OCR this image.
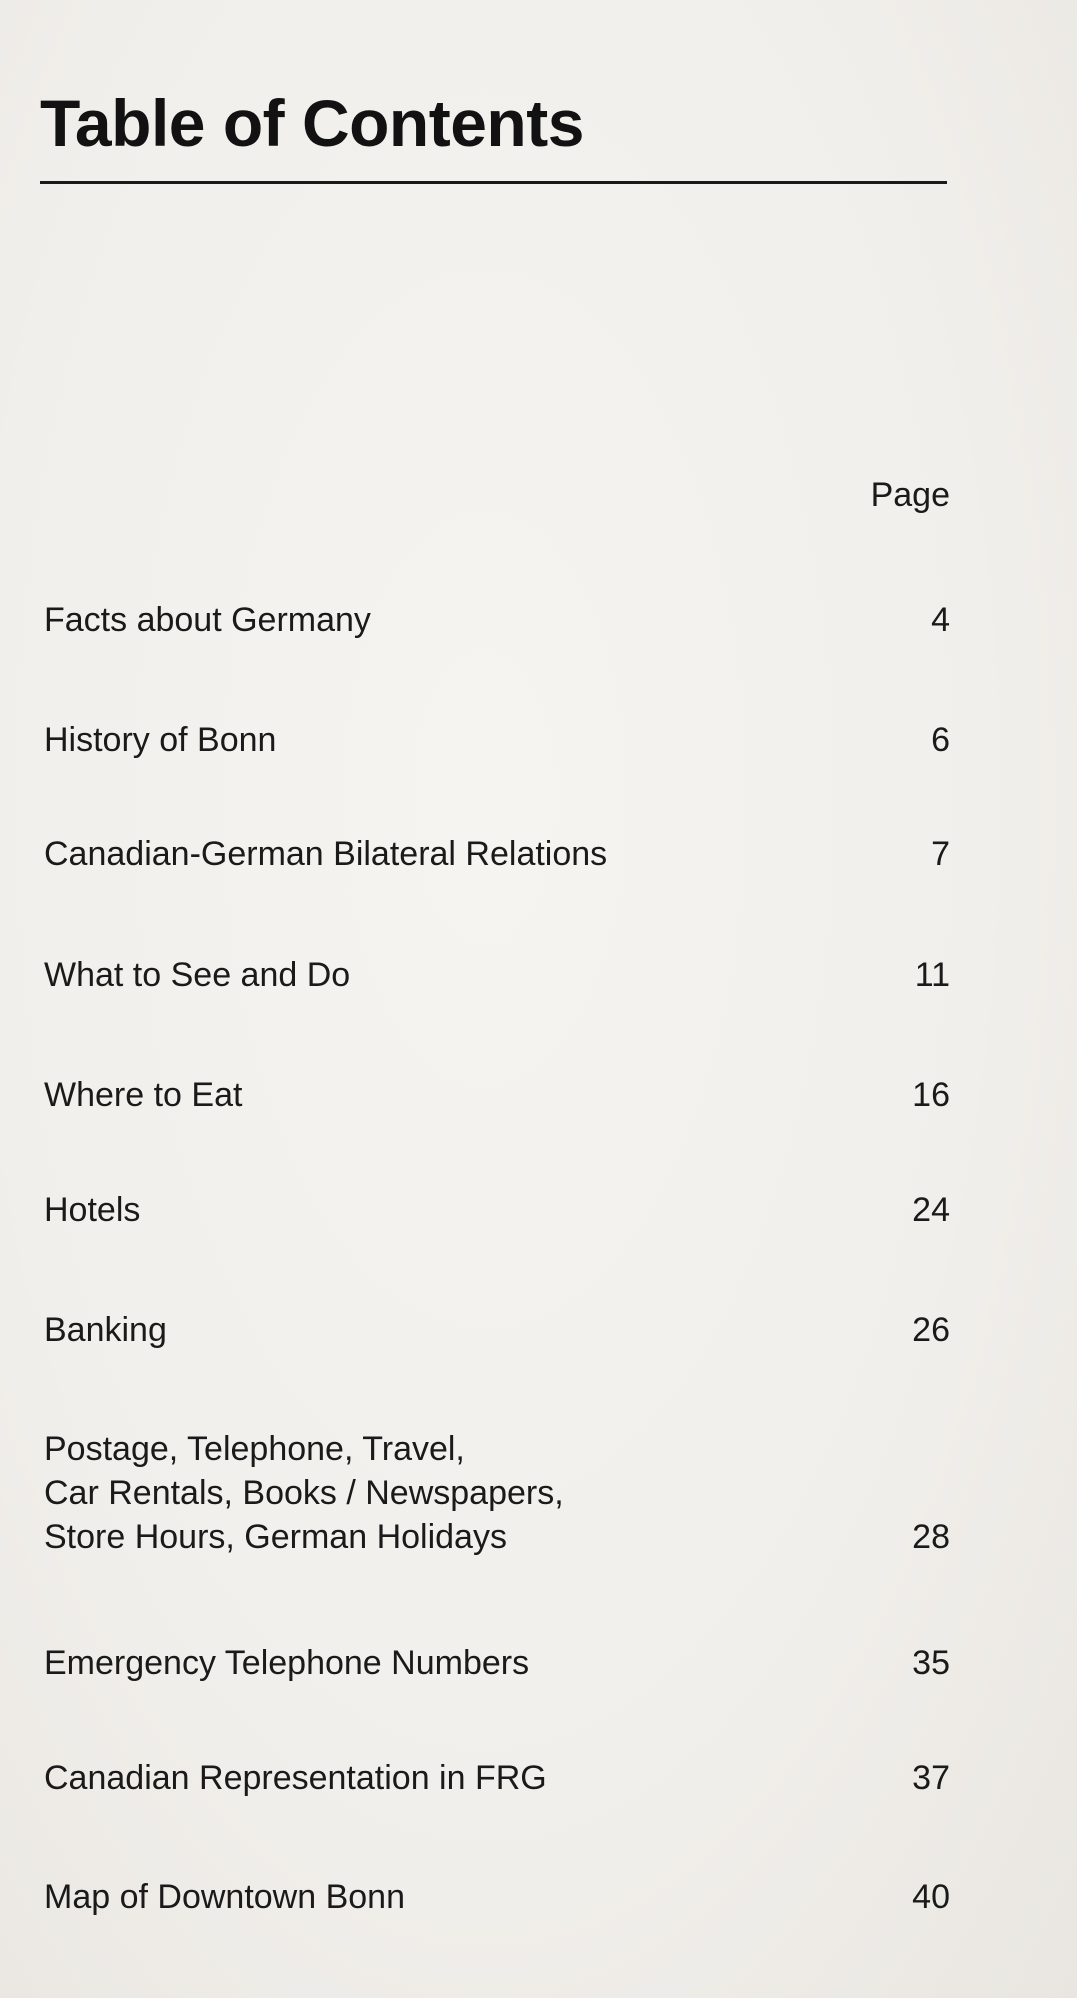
Table of Contents
Page
Facts about Germany	4
History of Bonn	6
Canadian-German Bilateral Relations	7
What to See and Do	11
Where to Eat	16
Hotels	24
Banking	26
Postage, Telephone, Travel,
Car Rentals, Books / Newspapers,
Store Hours, German Holidays	28
Emergency Telephone Numbers	35
Canadian Representation in FRG	37
Map of Downtown Bonn	40
